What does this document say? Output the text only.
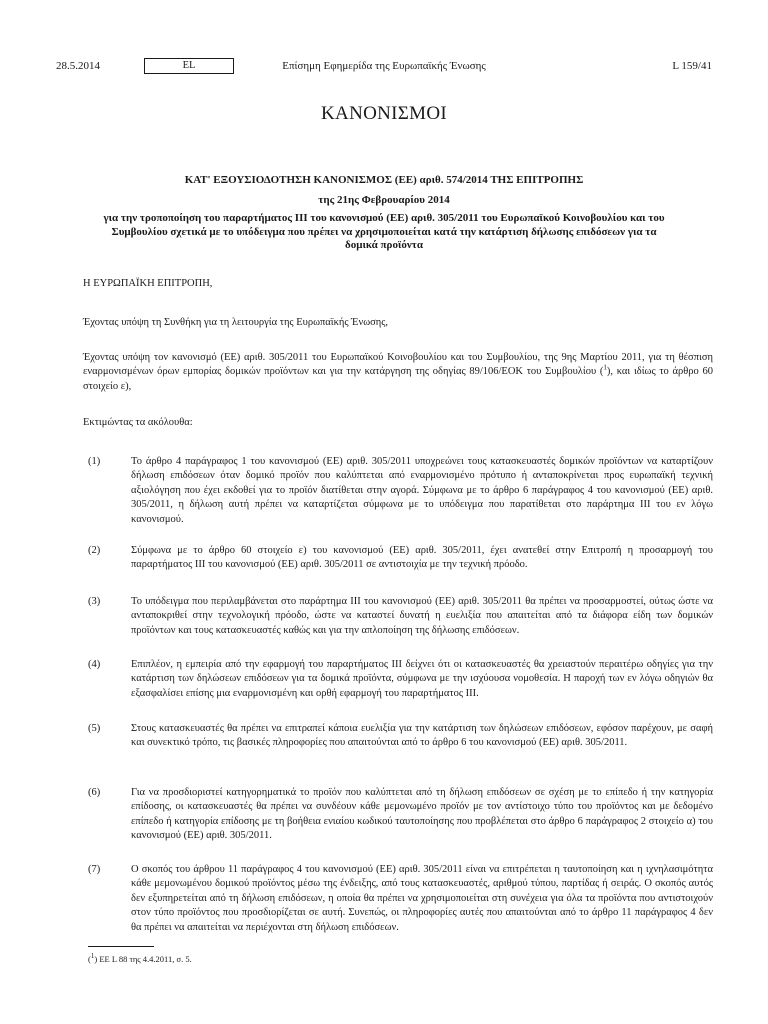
Επίσημη Εφημερίδα της Ευρωπαϊκής Ένωσης
28.5.2014	EL	L 159/41
ΚΑΝΟΝΙΣΜΟΙ
ΚΑΤ' ΕΞΟΥΣΙΟΔΟΤΗΣΗ ΚΑΝΟΝΙΣΜΟΣ (ΕΕ) αριθ. 574/2014 ΤΗΣ ΕΠΙΤΡΟΠΗΣ
της 21ης Φεβρουαρίου 2014
για την τροποποίηση του παραρτήματος III του κανονισμού (ΕΕ) αριθ. 305/2011 του Ευρωπαϊκού Κοινοβουλίου και του Συμβουλίου σχετικά με το υπόδειγμα που πρέπει να χρησιμοποιείται κατά την κατάρτιση δήλωσης επιδόσεων για τα δομικά προϊόντα
Η ΕΥΡΩΠΑΪΚΗ ΕΠΙΤΡΟΠΗ,
Έχοντας υπόψη τη Συνθήκη για τη λειτουργία της Ευρωπαϊκής Ένωσης,
Έχοντας υπόψη τον κανονισμό (ΕΕ) αριθ. 305/2011 του Ευρωπαϊκού Κοινοβουλίου και του Συμβουλίου, της 9ης Μαρτίου 2011, για τη θέσπιση εναρμονισμένων όρων εμπορίας δομικών προϊόντων και για την κατάργηση της οδηγίας 89/106/ΕΟΚ του Συμβουλίου ($^1$), και ιδίως το άρθρο 60 στοιχείο ε),
Εκτιμώντας τα ακόλουθα:
(1)	Το άρθρο 4 παράγραφος 1 του κανονισμού (ΕΕ) αριθ. 305/2011 υποχρεώνει τους κατασκευαστές δομικών προϊόντων να καταρτίζουν δήλωση επιδόσεων όταν δομικό προϊόν που καλύπτεται από εναρμονισμένο πρότυπο ή ανταποκρίνεται προς ευρωπαϊκή τεχνική αξιολόγηση που έχει εκδοθεί για το προϊόν διατίθεται στην αγορά. Σύμφωνα με το άρθρο 6 παράγραφος 4 του κανονισμού (ΕΕ) αριθ. 305/2011, η δήλωση αυτή πρέπει να καταρτίζεται σύμφωνα με το υπόδειγμα που παρατίθεται στο παράρτημα III του εν λόγω κανονισμού.
(2)	Σύμφωνα με το άρθρο 60 στοιχείο ε) του κανονισμού (ΕΕ) αριθ. 305/2011, έχει ανατεθεί στην Επιτροπή η προσαρμογή του παραρτήματος III του κανονισμού (ΕΕ) αριθ. 305/2011 σε αντιστοιχία με την τεχνική πρόοδο.
(3)	Το υπόδειγμα που περιλαμβάνεται στο παράρτημα III του κανονισμού (ΕΕ) αριθ. 305/2011 θα πρέπει να προσαρμοστεί, ούτως ώστε να ανταποκριθεί στην τεχνολογική πρόοδο, ώστε να καταστεί δυνατή η ευελιξία που απαιτείται από τα διάφορα είδη των δομικών προϊόντων και τους κατασκευαστές καθώς και για την απλοποίηση της δήλωσης επιδόσεων.
(4)	Επιπλέον, η εμπειρία από την εφαρμογή του παραρτήματος III δείχνει ότι οι κατασκευαστές θα χρειαστούν περαιτέρω οδηγίες για την κατάρτιση των δηλώσεων επιδόσεων για τα δομικά προϊόντα, σύμφωνα με την ισχύουσα νομοθεσία. Η παροχή των εν λόγω οδηγιών θα εξασφαλίσει επίσης μια εναρμονισμένη και ορθή εφαρμογή του παραρτήματος III.
(5)	Στους κατασκευαστές θα πρέπει να επιτραπεί κάποια ευελιξία για την κατάρτιση των δηλώσεων επιδόσεων, εφόσον παρέχουν, με σαφή και συνεκτικό τρόπο, τις βασικές πληροφορίες που απαιτούνται από το άρθρο 6 του κανονισμού (ΕΕ) αριθ. 305/2011.
(6)	Για να προσδιοριστεί κατηγορηματικά το προϊόν που καλύπτεται από τη δήλωση επιδόσεων σε σχέση με το επίπεδο ή την κατηγορία επίδοσης, οι κατασκευαστές θα πρέπει να συνδέουν κάθε μεμονωμένο προϊόν με τον αντίστοιχο τύπο του προϊόντος και με δεδομένο επίπεδο ή κατηγορία επίδοσης με τη βοήθεια ενιαίου κωδικού ταυτοποίησης που προβλέπεται στο άρθρο 6 παράγραφος 2 στοιχείο α) του κανονισμού (ΕΕ) αριθ. 305/2011.
(7)	Ο σκοπός του άρθρου 11 παράγραφος 4 του κανονισμού (ΕΕ) αριθ. 305/2011 είναι να επιτρέπεται η ταυτοποίηση και η ιχνηλασιμότητα κάθε μεμονωμένου δομικού προϊόντος μέσω της ένδειξης, από τους κατασκευαστές, αριθμού τύπου, παρτίδας ή σειράς. Ο σκοπός αυτός δεν εξυπηρετείται από τη δήλωση επιδόσεων, η οποία θα πρέπει να χρησιμοποιείται στη συνέχεια για όλα τα προϊόντα που αντιστοιχούν στον τύπο προϊόντος που προσδιορίζεται σε αυτή. Συνεπώς, οι πληροφορίες αυτές που απαιτούνται από το άρθρο 11 παράγραφος 4 δεν θα πρέπει να απαιτείται να περιέχονται στη δήλωση επιδόσεων.
($^1$) ΕΕ L 88 της 4.4.2011, σ. 5.
